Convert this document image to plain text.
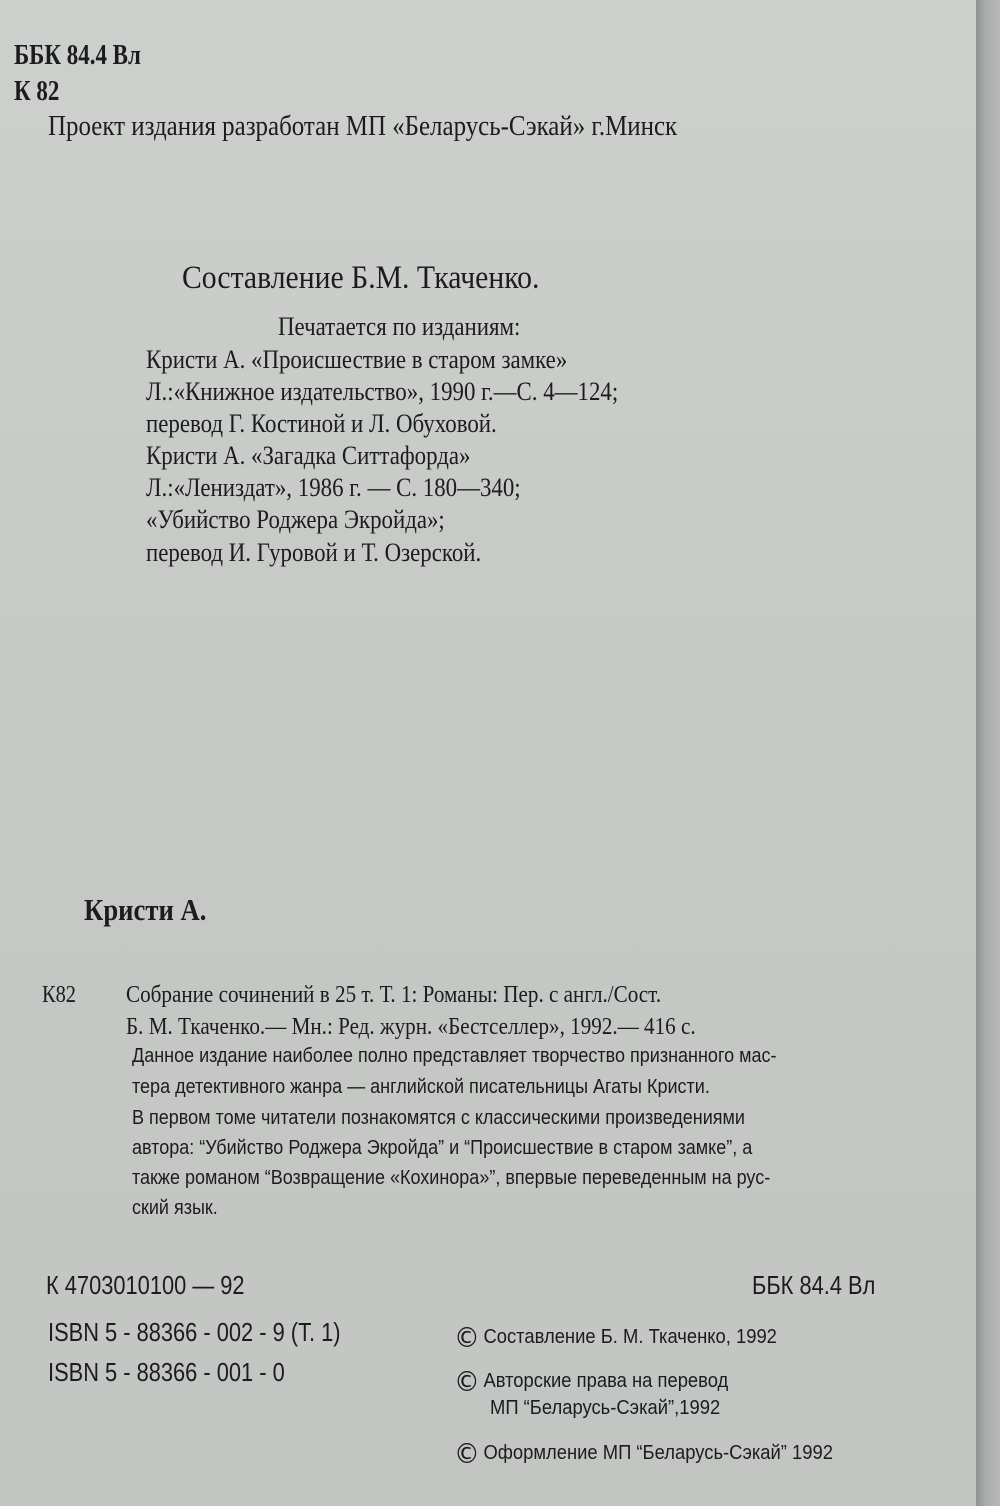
ББК 84.4 Вл
К 82
Проект издания разработан МП «Беларусь-Сэкай» г.Минск
Составление Б.М. Ткаченко.
Печатается по изданиям:
Кристи А. «Происшествие в старом замке»
Л.:«Книжное издательство», 1990 г.—С. 4—124;
перевод Г. Костиной и Л. Обуховой.
Кристи А. «Загадка Ситтафорда»
Л.:«Лениздат», 1986 г. — С. 180—340;
«Убийство Роджера Экройда»;
перевод И. Гуровой и Т. Озерской.
Кристи А.
К82 Собрание сочинений в 25 т. Т. 1: Романы: Пер. с англ./Сост.
Б. М. Ткаченко.— Мн.: Ред. журн. «Бестселлер», 1992.— 416 с.
Данное издание наиболее полно представляет творчество признанного мас-
тера детективного жанра — английской писательницы Агаты Кристи.
В первом томе читатели познакомятся с классическими произведениями
автора: “Убийство Роджера Экройда” и “Происшествие в старом замке”, а
также романом “Возвращение «Кохинора»”, впервые переведенным на рус-
ский язык.
К 4703010100 — 92	ББК 84.4 Вл
ISBN 5 - 88366 - 002 - 9 (Т. 1)
ISBN 5 - 88366 - 001 - 0
© Составление Б. М. Ткаченко, 1992
© Авторские права на перевод
МП “Беларусь-Сэкай”,1992
© Оформление МП “Беларусь-Сэкай” 1992
